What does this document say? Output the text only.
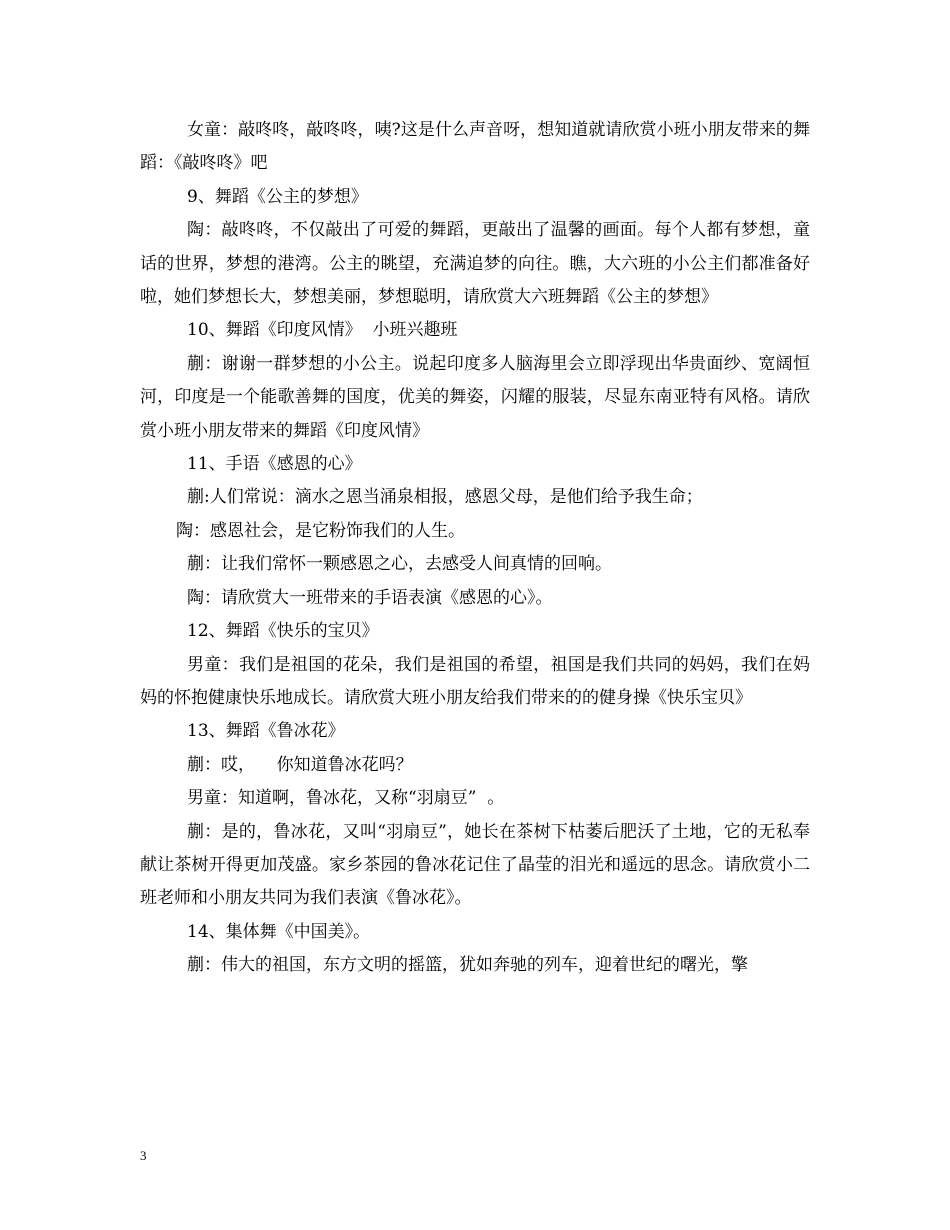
女童：敲咚咚，敲咚咚，咦?这是什么声音呀，想知道就请欣赏小班小朋友带来的舞蹈：《敲咚咚》吧

9、舞蹈《公主的梦想》

陶：敲咚咚，不仅敲出了可爱的舞蹈，更敲出了温馨的画面。每个人都有梦想，童话的世界，梦想的港湾。公主的眺望，充满追梦的向往。瞧，大六班的小公主们都准备好啦，她们梦想长大，梦想美丽，梦想聪明，请欣赏大六班舞蹈《公主的梦想》

10、舞蹈《印度风情》  小班兴趣班

蒯：谢谢一群梦想的小公主。说起印度多人脑海里会立即浮现出华贵面纱、宽阔恒河，印度是一个能歌善舞的国度，优美的舞姿，闪耀的服装，尽显东南亚特有风格。请欣赏小班小朋友带来的舞蹈《印度风情》

11、手语《感恩的心》

蒯:人们常说：滴水之恩当涌泉相报，感恩父母，是他们给予我生命；

陶：感恩社会，是它粉饰我们的人生。

蒯：让我们常怀一颗感恩之心，去感受人间真情的回响。

陶：请欣赏大一班带来的手语表演《感恩的心》。

12、舞蹈《快乐的宝贝》

男童：我们是祖国的花朵，我们是祖国的希望，祖国是我们共同的妈妈，我们在妈妈的怀抱健康快乐地成长。请欣赏大班小朋友给我们带来的的健身操《快乐宝贝》

13、舞蹈《鲁冰花》

蒯：哎，    你知道鲁冰花吗？

男童：知道啊，鲁冰花，又称“羽扇豆”  。

蒯：是的，鲁冰花，又叫“羽扇豆”，她长在茶树下枯萎后肥沃了土地，它的无私奉献让茶树开得更加茂盛。家乡茶园的鲁冰花记住了晶莹的泪光和遥远的思念。请欣赏小二班老师和小朋友共同为我们表演《鲁冰花》。

14、集体舞《中国美》。

蒯：伟大的祖国，东方文明的摇篮，犹如奔驰的列车，迎着世纪的曙光，擎

3
